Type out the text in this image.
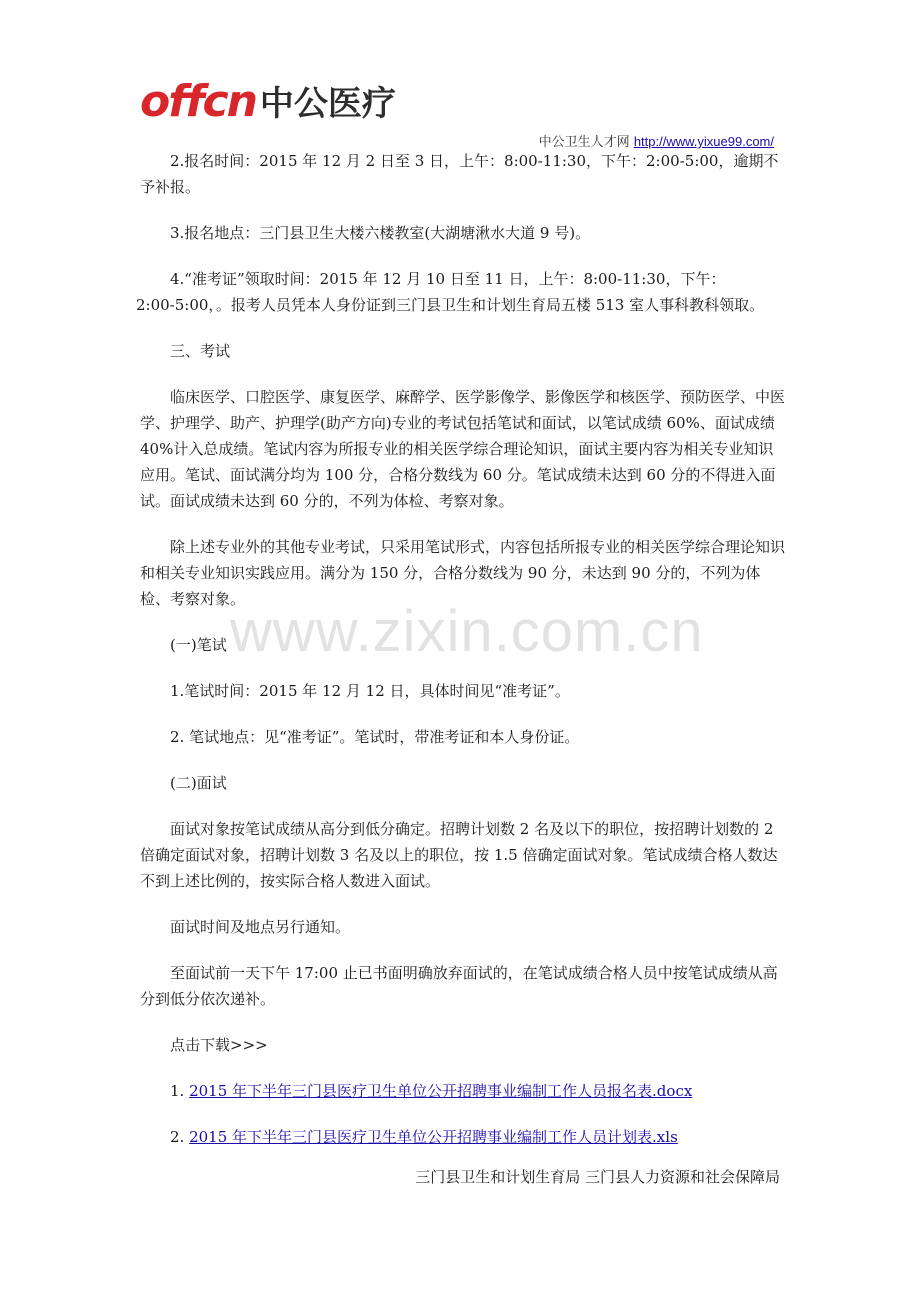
offcn 中公医疗
中公卫生人才网 http://www.yixue99.com/
www.zixin.com.cn

2.报名时间：2015 年 12 月 2 日至 3 日，上午：8:00-11:30，下午：2:00-5:00，逾期不予补报。

3.报名地点：三门县卫生大楼六楼教室(大湖塘湫水大道 9 号)。

4.“准考证”领取时间：2015 年 12 月 10 日至 11 日，上午：8:00-11:30，下午：

2:00-5:00，。报考人员凭本人身份证到三门县卫生和计划生育局五楼 513 室人事科教科领取。

三、考试

临床医学、口腔医学、康复医学、麻醉学、医学影像学、影像医学和核医学、预防医学、中医学、护理学、助产、护理学(助产方向)专业的考试包括笔试和面试，以笔试成绩 60%、面试成绩 40%计入总成绩。笔试内容为所报专业的相关医学综合理论知识，面试主要内容为相关专业知识应用。笔试、面试满分均为 100 分，合格分数线为 60 分。笔试成绩未达到 60 分的不得进入面试。面试成绩未达到 60 分的，不列为体检、考察对象。

除上述专业外的其他专业考试，只采用笔试形式，内容包括所报专业的相关医学综合理论知识和相关专业知识实践应用。满分为 150 分，合格分数线为 90 分，未达到 90 分的，不列为体检、考察对象。

(一)笔试

1.笔试时间：2015 年 12 月 12 日，具体时间见“准考证”。

2. 笔试地点：见“准考证”。笔试时，带准考证和本人身份证。

(二)面试

面试对象按笔试成绩从高分到低分确定。招聘计划数 2 名及以下的职位，按招聘计划数的 2 倍确定面试对象，招聘计划数 3 名及以上的职位，按 1.5 倍确定面试对象。笔试成绩合格人数达不到上述比例的，按实际合格人数进入面试。

面试时间及地点另行通知。

至面试前一天下午 17:00 止已书面明确放弃面试的，在笔试成绩合格人员中按笔试成绩从高分到低分依次递补。

点击下载>>>

1. 2015 年下半年三门县医疗卫生单位公开招聘事业编制工作人员报名表.docx

2. 2015 年下半年三门县医疗卫生单位公开招聘事业编制工作人员计划表.xls

三门县卫生和计划生育局 三门县人力资源和社会保障局
